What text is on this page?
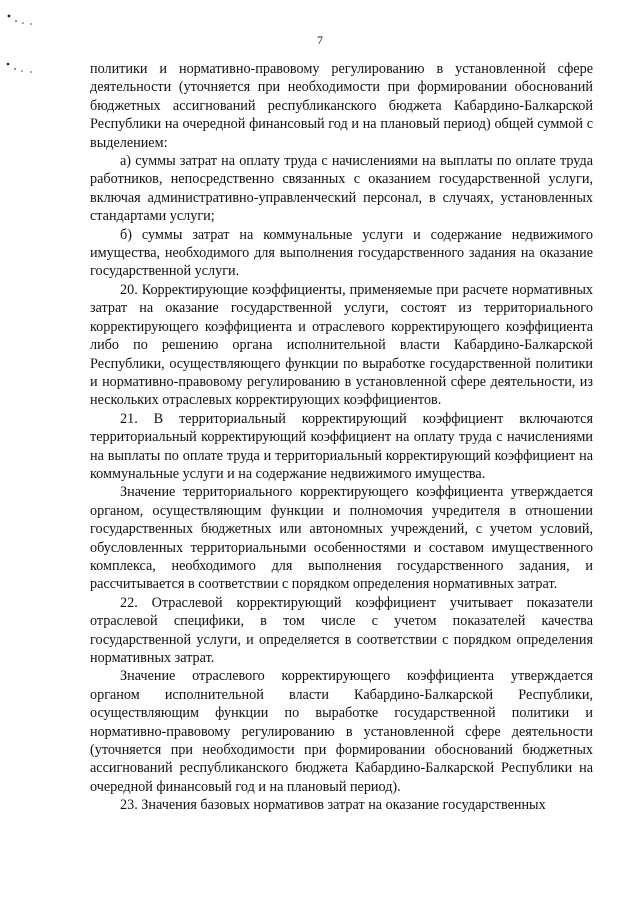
7

политики и нормативно-правовому регулированию в установленной сфере деятельности (уточняется при необходимости при формировании обоснований бюджетных ассигнований республиканского бюджета Кабардино-Балкарской Республики на очередной финансовый год и на плановый период) общей суммой с выделением:

а) суммы затрат на оплату труда с начислениями на выплаты по оплате труда работников, непосредственно связанных с оказанием государственной услуги, включая административно-управленческий персонал, в случаях, установленных стандартами услуги;

б) суммы затрат на коммунальные услуги и содержание недвижимого имущества, необходимого для выполнения государственного задания на оказание государственной услуги.

20. Корректирующие коэффициенты, применяемые при расчете нормативных затрат на оказание государственной услуги, состоят из территориального корректирующего коэффициента и отраслевого корректирующего коэффициента либо по решению органа исполнительной власти Кабардино-Балкарской Республики, осуществляющего функции по выработке государственной политики и нормативно-правовому регулированию в установленной сфере деятельности, из нескольких отраслевых корректирующих коэффициентов.

21. В территориальный корректирующий коэффициент включаются территориальный корректирующий коэффициент на оплату труда с начислениями на выплаты по оплате труда и территориальный корректирующий коэффициент на коммунальные услуги и на содержание недвижимого имущества.

Значение территориального корректирующего коэффициента утверждается органом, осуществляющим функции и полномочия учредителя в отношении государственных бюджетных или автономных учреждений, с учетом условий, обусловленных территориальными особенностями и составом имущественного комплекса, необходимого для выполнения государственного задания, и рассчитывается в соответствии с порядком определения нормативных затрат.

22. Отраслевой корректирующий коэффициент учитывает показатели отраслевой специфики, в том числе с учетом показателей качества государственной услуги, и определяется в соответствии с порядком определения нормативных затрат.

Значение отраслевого корректирующего коэффициента утверждается органом исполнительной власти Кабардино-Балкарской Республики, осуществляющим функции по выработке государственной политики и нормативно-правовому регулированию в установленной сфере деятельности (уточняется при необходимости при формировании обоснований бюджетных ассигнований республиканского бюджета Кабардино-Балкарской Республики на очередной финансовый год и на плановый период).

23. Значения базовых нормативов затрат на оказание государственных
